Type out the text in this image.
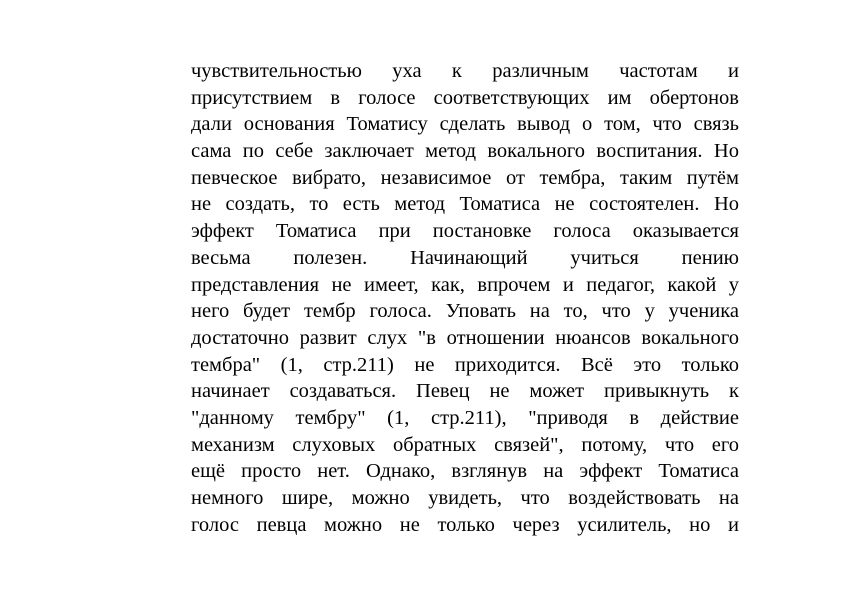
чувствительностью уха к различным частотам и
присутствием в голосе соответствующих им обертонов
дали основания Томатису сделать вывод о том, что связь
сама по себе заключает метод вокального воспитания. Но
певческое вибрато, независимое от тембра, таким путём
не создать, то есть метод Томатиса не состоятелен. Но
эффект Томатиса при постановке голоса оказывается
весьма полезен. Начинающий учиться пению
представления не имеет, как, впрочем и педагог, какой у
него будет тембр голоса. Уповать на то, что у ученика
достаточно развит слух "в отношении нюансов вокального
тембра" (1, стр.211) не приходится. Всё это только
начинает создаваться. Певец не может привыкнуть к
"данному тембру" (1, стр.211), "приводя в действие
механизм слуховых обратных связей", потому, что его
ещё просто нет. Однако, взглянув на эффект Томатиса
немного шире, можно увидеть, что воздействовать на
голос певца можно не только через усилитель, но и
